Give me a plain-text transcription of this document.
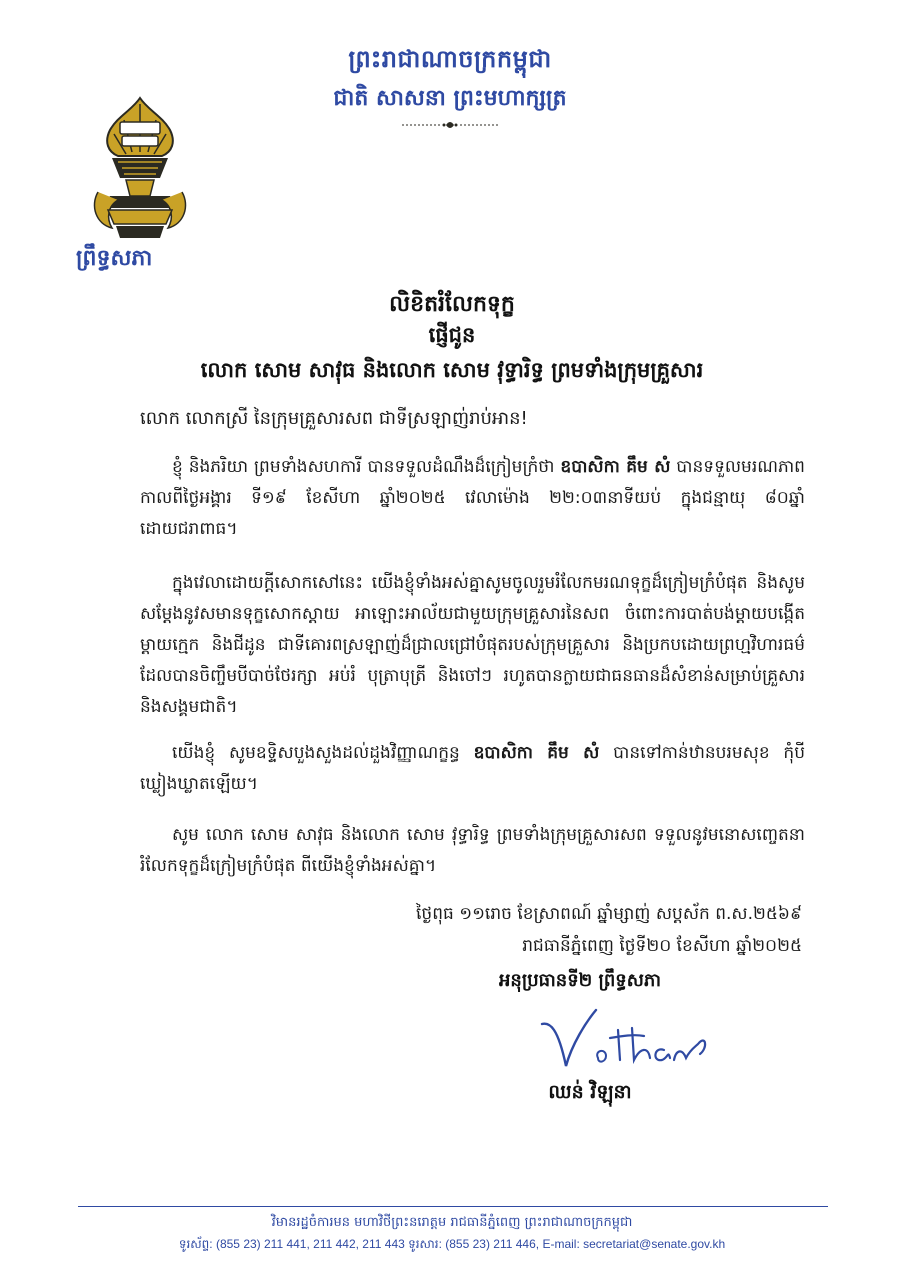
ព្រះរាជាណាចក្រកម្ពុជា
ជាតិ សាសនា ព្រះមហាក្សត្រ
ព្រឹទ្ធសភា
លិខិតរំលែកទុក្ខ
ផ្ញើជូន
លោក សោម សាវុធ និងលោក សោម វុទ្ធារិទ្ធ ព្រមទាំងក្រុមគ្រួសារ
លោក លោកស្រី នៃក្រុមគ្រួសារសព ជាទីស្រឡាញ់រាប់អាន!
ខ្ញុំ និងភរិយា ព្រមទាំងសហការី បានទទួលដំណឹងដ៏ក្រៀមក្រំថា ឧបាសិកា គឹម សំ បានទទួលមរណភាព កាលពីថ្ងៃអង្គារ ទី១៩ ខែសីហា ឆ្នាំ២០២៥ វេលាម៉ោង ២២:០៣នាទីយប់ ក្នុងជន្មាយុ ៨០ឆ្នាំ ដោយជរាពាធ។
ក្នុងវេលាដោយក្ដីសោកសៅនេះ យើងខ្ញុំទាំងអស់គ្នាសូមចូលរួមរំលែកមរណទុក្ខដ៏ក្រៀមក្រំបំផុត និងសូមសម្ដែងនូវសមានទុក្ខសោកស្ដាយ អាឡោះអាល័យជាមួយក្រុមគ្រួសារនៃសព ចំពោះការបាត់បង់ម្ដាយបង្កើត ម្ដាយក្មេក និងជីដូន ជាទីគោរពស្រឡាញ់ដ៏ជ្រាលជ្រៅបំផុតរបស់ក្រុមគ្រួសារ និងប្រកបដោយព្រហ្មវិហារធម៌ ដែលបានចិញ្ចឹមបីបាច់ថែរក្សា អប់រំ បុត្រាបុត្រី និងចៅៗ រហូតបានក្លាយជាធនធានដ៏សំខាន់សម្រាប់គ្រួសារ និងសង្គមជាតិ។
យើងខ្ញុំ សូមឧទ្ទិសបួងសួងដល់ដួងវិញ្ញាណក្ខន្ធ ឧបាសិកា គឹម សំ បានទៅកាន់ឋានបរមសុខ កុំបីឃ្លៀងឃ្លាតឡើយ។
សូម លោក សោម សាវុធ និងលោក សោម វុទ្ធារិទ្ធ ព្រមទាំងក្រុមគ្រួសារសព ទទួលនូវមនោសញ្ចេតនារំលែកទុក្ខដ៏ក្រៀមក្រំបំផុត ពីយើងខ្ញុំទាំងអស់គ្នា។
ថ្ងៃពុធ ១១រោច ខែស្រាពណ៍ ឆ្នាំម្សាញ់ សប្តស័ក ព.ស.២៥៦៩
រាជធានីភ្នំពេញ ថ្ងៃទី២០ ខែសីហា ឆ្នាំ២០២៥
អនុប្រធានទី២ ព្រឹទ្ធសភា
ឈន់ វិឡុនា
វិមានរដ្ឋចំការមន មហាវិថីព្រះនរោត្តម រាជធានីភ្នំពេញ ព្រះរាជាណាចក្រកម្ពុជា
ទូរស័ព្ទ: (855 23) 211 441, 211 442, 211 443 ទូរសារ: (855 23) 211 446, E-mail: secretariat@senate.gov.kh
